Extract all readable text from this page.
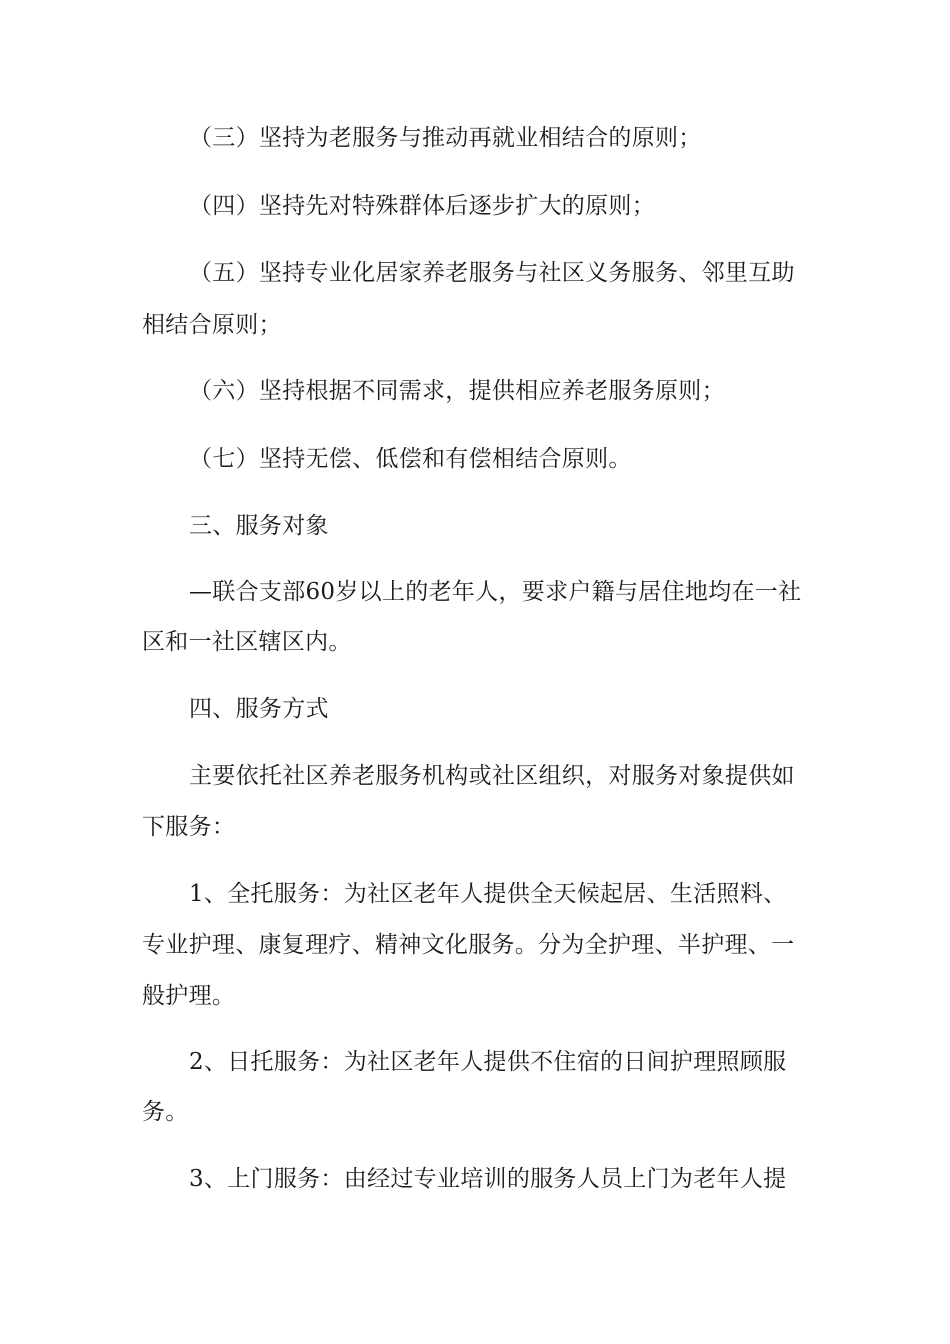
（三）坚持为老服务与推动再就业相结合的原则；
（四）坚持先对特殊群体后逐步扩大的原则；
（五）坚持专业化居家养老服务与社区义务服务、邻里互助
相结合原则；
（六）坚持根据不同需求，提供相应养老服务原则；
（七）坚持无偿、低偿和有偿相结合原则。
三、服务对象
—联合支部60岁以上的老年人，要求户籍与居住地均在一社
区和一社区辖区内。
四、服务方式
主要依托社区养老服务机构或社区组织，对服务对象提供如
下服务：
1、全托服务：为社区老年人提供全天候起居、生活照料、
专业护理、康复理疗、精神文化服务。分为全护理、半护理、一
般护理。
2、日托服务：为社区老年人提供不住宿的日间护理照顾服
务。
3、上门服务：由经过专业培训的服务人员上门为老年人提
